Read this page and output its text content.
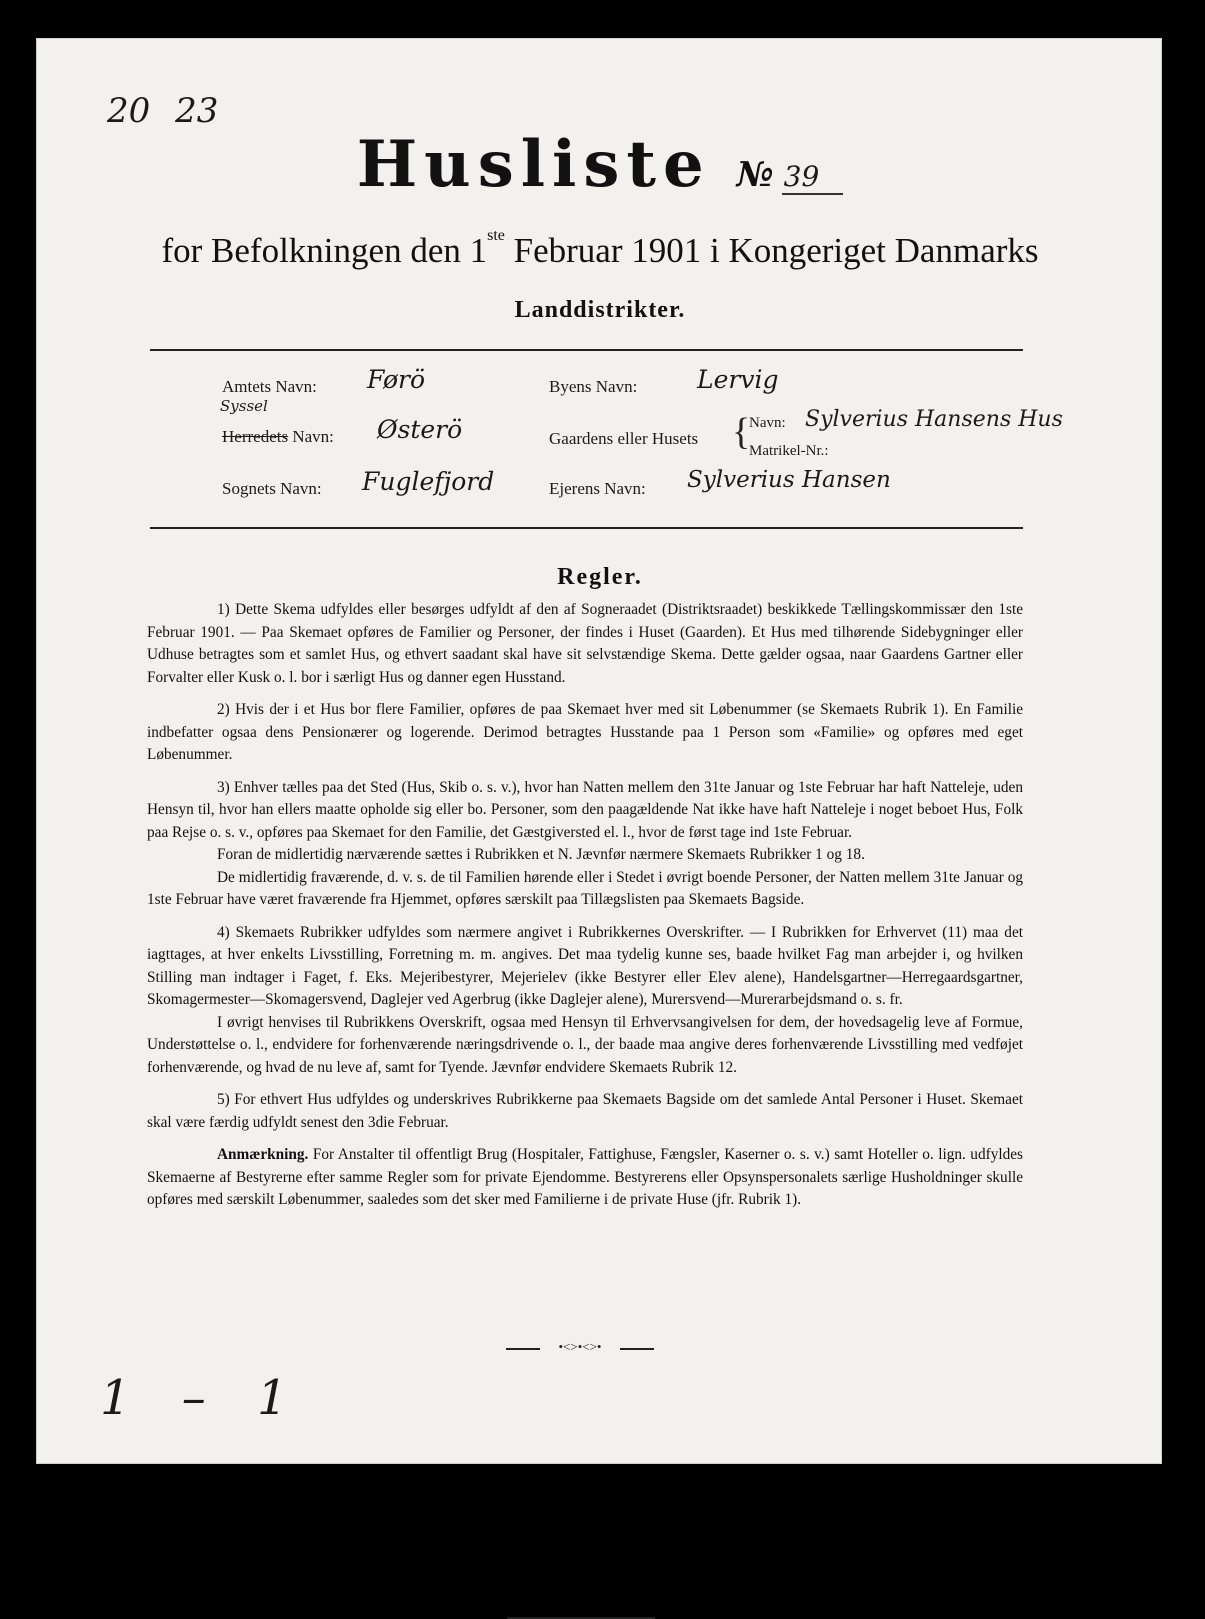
20 23
Husliste № 39
for Befolkningen den 1ste Februar 1901 i Kongeriget Danmarks
Landdistrikter.
Amtets Navn: Førö
Syssel
Herredets Navn: Østerö
Sognets Navn: Fuglefjord
Byens Navn: Lervig
Gaardens eller Husets {
Navn: Sylverius Hansens Hus
Matrikel-Nr.:
Ejerens Navn: Sylverius Hansen
Regler.

1) Dette Skema udfyldes eller besørges udfyldt af den af Sogneraadet (Distriktsraadet) beskikkede Tællingskommissær den 1ste Februar 1901. — Paa Skemaet opføres de Familier og Personer, der findes i Huset (Gaarden). Et Hus med tilhørende Sidebygninger eller Udhuse betragtes som et samlet Hus, og ethvert saadant skal have sit selvstændige Skema. Dette gælder ogsaa, naar Gaardens Gartner eller Forvalter eller Kusk o. l. bor i særligt Hus og danner egen Husstand.

2) Hvis der i et Hus bor flere Familier, opføres de paa Skemaet hver med sit Løbenummer (se Skemaets Rubrik 1). En Familie indbefatter ogsaa dens Pensionærer og logerende. Derimod betragtes Husstande paa 1 Person som «Familie» og opføres med eget Løbenummer.

3) Enhver tælles paa det Sted (Hus, Skib o. s. v.), hvor han Natten mellem den 31te Januar og 1ste Februar har haft Natteleje, uden Hensyn til, hvor han ellers maatte opholde sig eller bo. Personer, som den paagældende Nat ikke have haft Natteleje i noget beboet Hus, Folk paa Rejse o. s. v., opføres paa Skemaet for den Familie, det Gæstgiversted el. l., hvor de først tage ind 1ste Februar.

Foran de midlertidig nærværende sættes i Rubrikken et N. Jævnfør nærmere Skemaets Rubrikker 1 og 18.

De midlertidig fraværende, d. v. s. de til Familien hørende eller i Stedet i øvrigt boende Personer, der Natten mellem 31te Januar og 1ste Februar have været fraværende fra Hjemmet, opføres særskilt paa Tillægslisten paa Skemaets Bagside.

4) Skemaets Rubrikker udfyldes som nærmere angivet i Rubrikkernes Overskrifter. — I Rubrikken for Erhvervet (11) maa det iagttages, at hver enkelts Livsstilling, Forretning m. m. angives. Det maa tydelig kunne ses, baade hvilket Fag man arbejder i, og hvilken Stilling man indtager i Faget, f. Eks. Mejeribestyrer, Mejerielev (ikke Bestyrer eller Elev alene), Handelsgartner—Herregaardsgartner, Skomagermester—Skomagersvend, Daglejer ved Agerbrug (ikke Daglejer alene), Murersvend—Murerarbejdsmand o. s. fr.

I øvrigt henvises til Rubrikkens Overskrift, ogsaa med Hensyn til Erhvervsangivelsen for dem, der hovedsagelig leve af Formue, Understøttelse o. l., endvidere for forhenværende næringsdrivende o. l., der baade maa angive deres forhenværende Livsstilling med vedføjet forhenværende, og hvad de nu leve af, samt for Tyende. Jævnfør endvidere Skemaets Rubrik 12.

5) For ethvert Hus udfyldes og underskrives Rubrikkerne paa Skemaets Bagside om det samlede Antal Personer i Huset. Skemaet skal være færdig udfyldt senest den 3die Februar.

Anmærkning. For Anstalter til offentligt Brug (Hospitaler, Fattighuse, Fængsler, Kaserner o. s. v.) samt Hoteller o. lign. udfyldes Skemaerne af Bestyrerne efter samme Regler som for private Ejendomme. Bestyrerens eller Opsynspersonalets særlige Husholdninger skulle opføres med særskilt Løbenummer, saaledes som det sker med Familierne i de private Huse (jfr. Rubrik 1).

•<>•<>•
1 – 1
